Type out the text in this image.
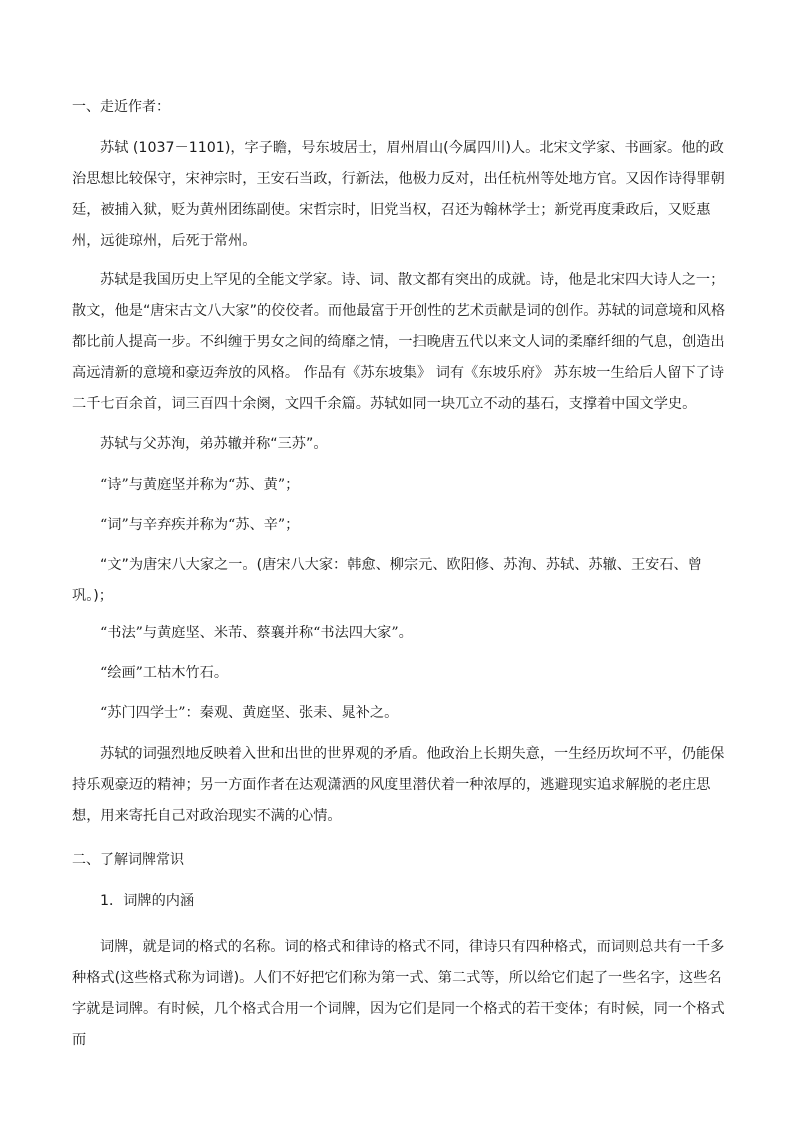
一、走近作者：

苏轼 (1037－1101)，字子瞻，号东坡居士，眉州眉山(今属四川)人。北宋文学家、书画家。他的政治思想比较保守，宋神宗时，王安石当政，行新法，他极力反对，出任杭州等处地方官。又因作诗得罪朝廷，被捕入狱，贬为黄州团练副使。宋哲宗时，旧党当权，召还为翰林学士；新党再度秉政后，又贬惠州，远徙琼州，后死于常州。

苏轼是我国历史上罕见的全能文学家。诗、词、散文都有突出的成就。诗，他是北宋四大诗人之一；散文，他是“唐宋古文八大家”的佼佼者。而他最富于开创性的艺术贡献是词的创作。苏轼的词意境和风格都比前人提高一步。不纠缠于男女之间的绮靡之情，一扫晚唐五代以来文人词的柔靡纤细的气息，创造出高远清新的意境和豪迈奔放的风格。 作品有《苏东坡集》 词有《东坡乐府》 苏东坡一生给后人留下了诗二千七百余首，词三百四十余阕，文四千余篇。苏轼如同一块兀立不动的基石，支撑着中国文学史。

苏轼与父苏洵，弟苏辙并称“三苏”。

“诗”与黄庭坚并称为“苏、黄”；

“词”与辛弃疾并称为“苏、辛”；

“文”为唐宋八大家之一。(唐宋八大家：韩愈、柳宗元、欧阳修、苏洵、苏轼、苏辙、王安石、曾巩。)；

“书法”与黄庭坚、米芾、蔡襄并称“书法四大家”。

“绘画”工枯木竹石。

“苏门四学士”：秦观、黄庭坚、张耒、晁补之。

苏轼的词强烈地反映着入世和出世的世界观的矛盾。他政治上长期失意，一生经历坎坷不平，仍能保持乐观豪迈的精神；另一方面作者在达观潇洒的风度里潜伏着一种浓厚的，逃避现实追求解脱的老庄思想，用来寄托自己对政治现实不满的心情。

二、了解词牌常识

1．词牌的内涵

词牌，就是词的格式的名称。词的格式和律诗的格式不同，律诗只有四种格式，而词则总共有一千多种格式(这些格式称为词谱)。人们不好把它们称为第一式、第二式等，所以给它们起了一些名字，这些名字就是词牌。有时候，几个格式合用一个词牌，因为它们是同一个格式的若干变体；有时候，同一个格式而
